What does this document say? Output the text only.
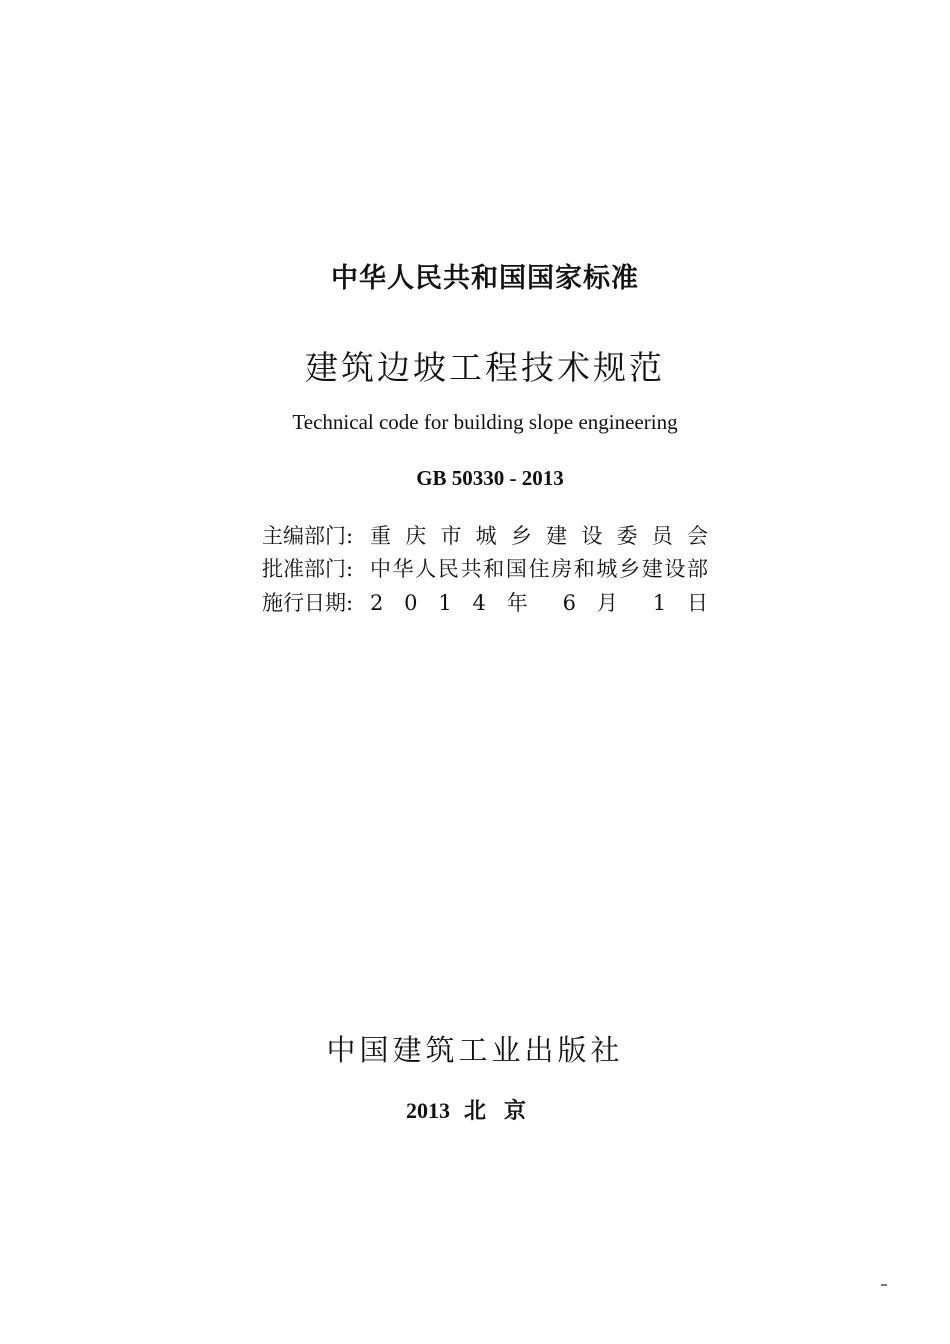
中华人民共和国国家标准
建筑边坡工程技术规范
Technical code for building slope engineering
GB 50330 - 2013
主编部门: 重 庆 市 城 乡 建 设 委 员 会
批准部门: 中华人民共和国住房和城乡建设部
施行日期: 2 0 1 4 年 6 月 1 日
中国建筑工业出版社
2013 北京
